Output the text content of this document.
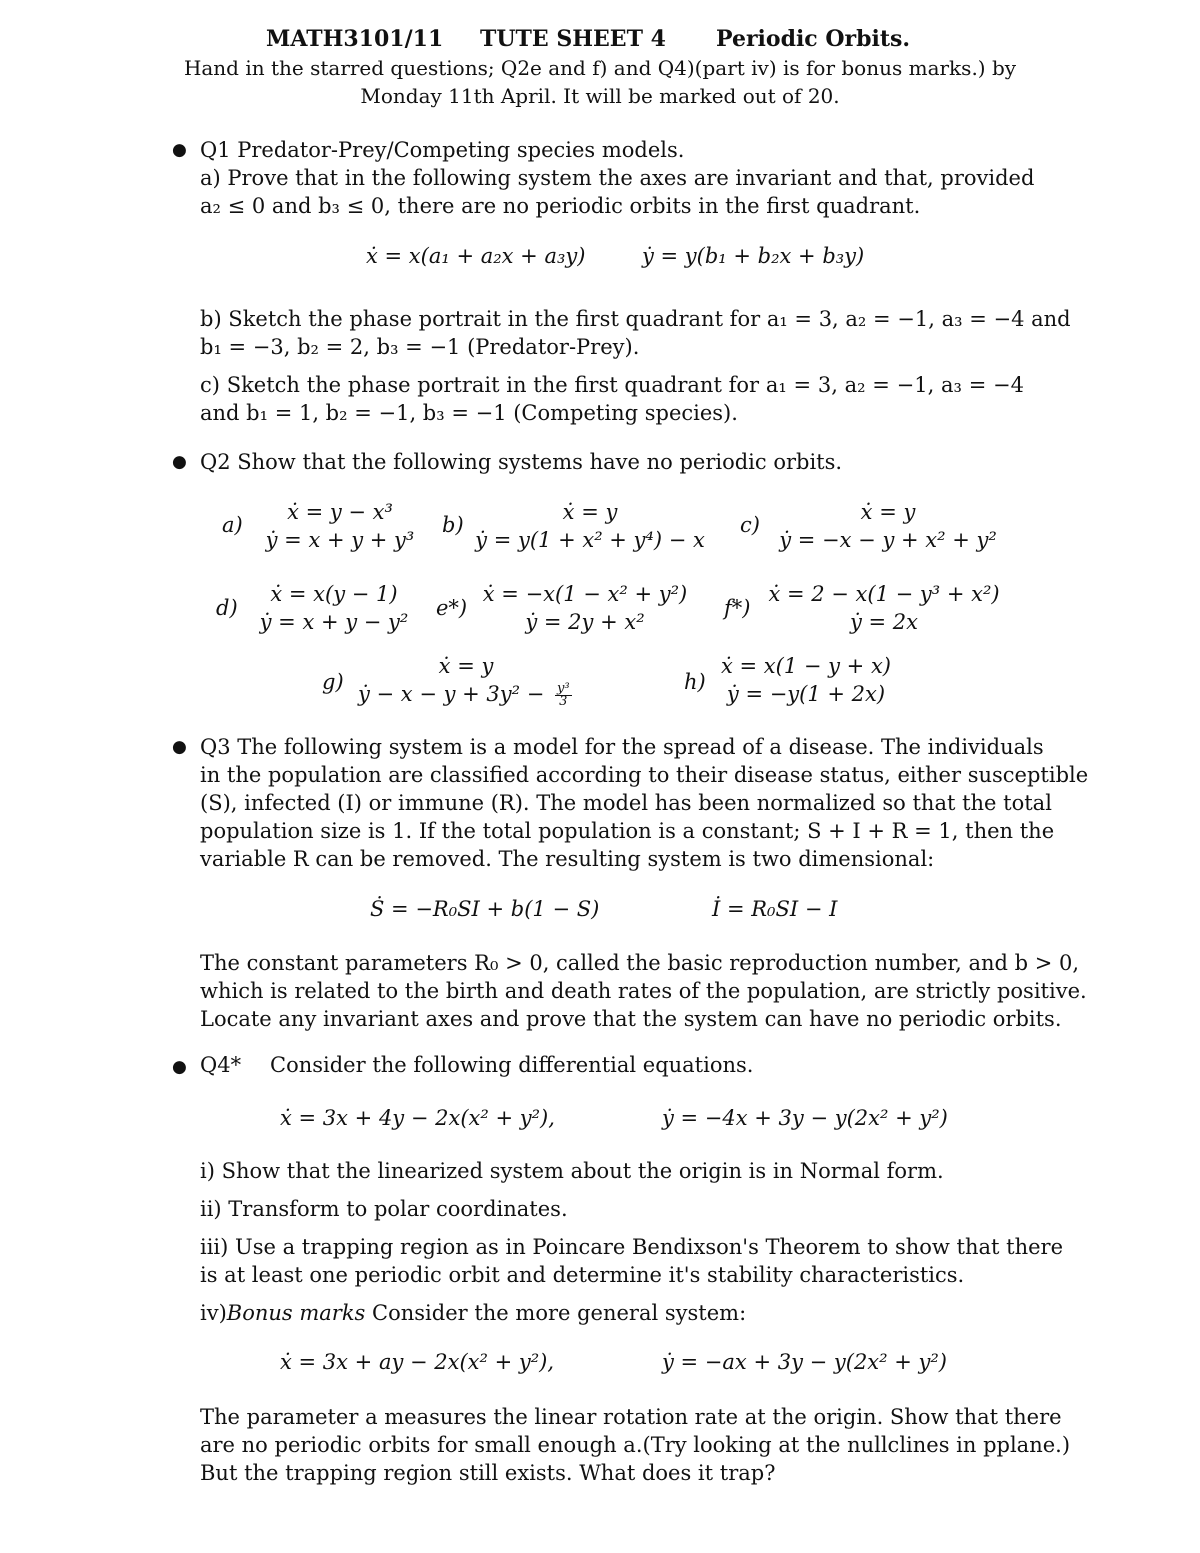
MATH3101/11 TUTE SHEET 4 Periodic Orbits.
Hand in the starred questions; Q2e and f) and Q4)(part iv) is for bonus marks.) by
Monday 11th April. It will be marked out of 20.
● Q1 Predator-Prey/Competing species models.
a) Prove that in the following system the axes are invariant and that, provided
a₂ ≤ 0 and b₃ ≤ 0, there are no periodic orbits in the first quadrant.
ẋ = x(a₁ + a₂x + a₃y)	ẏ = y(b₁ + b₂x + b₃y)
b) Sketch the phase portrait in the first quadrant for a₁ = 3, a₂ = −1, a₃ = −4 and
b₁ = −3, b₂ = 2, b₃ = −1 (Predator-Prey).
c) Sketch the phase portrait in the first quadrant for a₁ = 3, a₂ = −1, a₃ = −4
and b₁ = 1, b₂ = −1, b₃ = −1 (Competing species).
● Q2 Show that the following systems have no periodic orbits.
a)
ẋ = y − x³
ẏ = x + y + y³
b)
ẋ = y
ẏ = y(1 + x² + y⁴) − x
c)
ẋ = y
ẏ = −x − y + x² + y²
d)
ẋ = x(y − 1)
ẏ = x + y − y²
e*)
ẋ = −x(1 − x² + y²)
ẏ = 2y + x²
f*)
ẋ = 2 − x(1 − y³ + x²)
ẏ = 2x
g)
ẋ = y
ẏ − $x - y + 3y^2 - \frac{\text{y³}}{3}$
h)
ẋ = x(1 − y + x)
ẏ = −y(1 + 2x)
● Q3 The following system is a model for the spread of a disease. The individuals
in the population are classified according to their disease status, either susceptible
(S), infected (I) or immune (R). The model has been normalized so that the total
population size is 1. If the total population is a constant; S + I + R = 1, then the
variable R can be removed. The resulting system is two dimensional:
Ṡ = −R₀SI + b(1 − S)	İ = R₀SI − I
The constant parameters R₀ > 0, called the basic reproduction number, and b > 0,
which is related to the birth and death rates of the population, are strictly positive.
Locate any invariant axes and prove that the system can have no periodic orbits.
● Q4* Consider the following differential equations.
ẋ = 3x + 4y − 2x(x² + y²),	ẏ = −4x + 3y − y(2x² + y²)
i) Show that the linearized system about the origin is in Normal form.
ii) Transform to polar coordinates.
iii) Use a trapping region as in Poincare Bendixson's Theorem to show that there
is at least one periodic orbit and determine it's stability characteristics.
iv)Bonus marks Consider the more general system:
ẋ = 3x + ay − 2x(x² + y²),	ẏ = −ax + 3y − y(2x² + y²)
The parameter a measures the linear rotation rate at the origin. Show that there
are no periodic orbits for small enough a.(Try looking at the nullclines in pplane.)
But the trapping region still exists. What does it trap?
